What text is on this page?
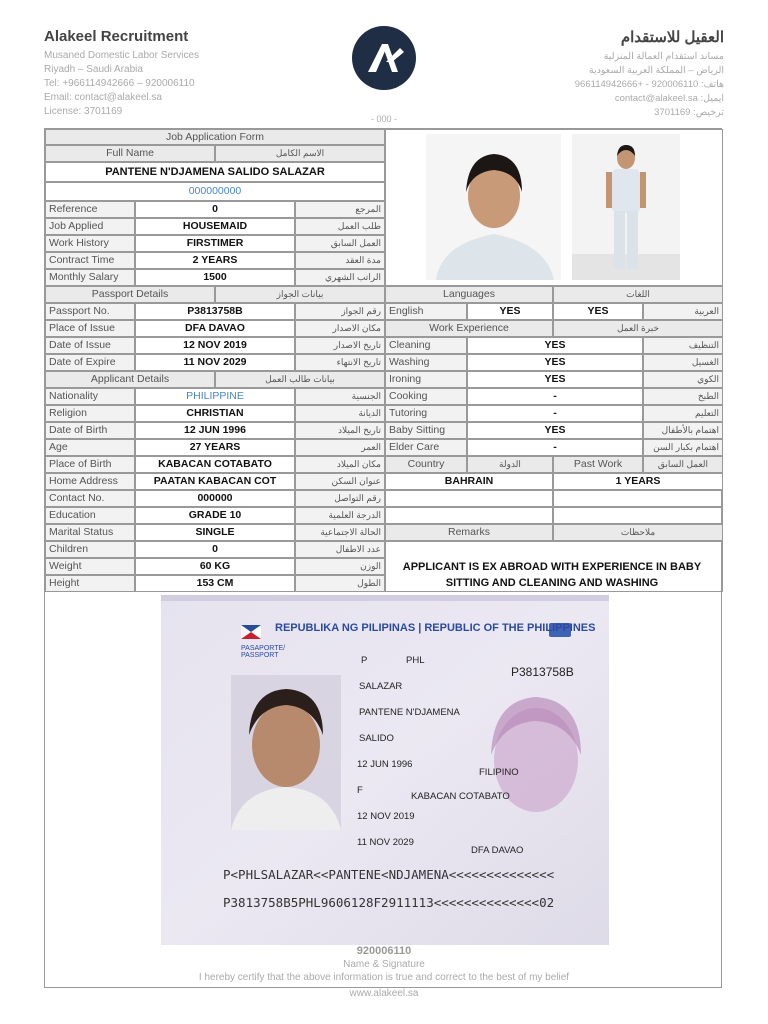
Alakeel Recruitment
Musaned Domestic Labor Services
Riyadh – Saudi Arabia
Tel: +966114942666 – 920006110
Email: contact@alakeel.sa
License: 3701169
العقيل للاستقدام
مساند استقدام العمالة المنزلية
الرياض – المملكة العربية السعودية
هاتف: 920006110 - +966114942666
ايميل: contact@alakeel.sa
ترخيص: 3701169
- 000 -
Job Application Form
Full Name	الاسم الكامل
PANTENE N'DJAMENA SALIDO SALAZAR
000000000
Reference	0	المرجع
Job Applied	HOUSEMAID	طلب العمل
Work History	FIRSTIMER	العمل السابق
Contract Time	2 YEARS	مدة العقد
Monthly Salary	1500	الراتب الشهري
Passport Details	بيانات الجواز
Passport No.	P3813758B	رقم الجواز
Place of Issue	DFA DAVAO	مكان الاصدار
Date of Issue	12 NOV 2019	تاريخ الاصدار
Date of Expire	11 NOV 2029	تاريخ الانتهاء
Applicant Details	بيانات طالب العمل
Nationality	PHILIPPINE	الجنسية
Religion	CHRISTIAN	الديانة
Date of Birth	12 JUN 1996	تاريخ الميلاد
Age	27 YEARS	العمر
Place of Birth	KABACAN COTABATO	مكان الميلاد
Home Address	PAATAN KABACAN COT	عنوان السكن
Contact No.	000000	رقم التواصل
Education	GRADE 10	الدرجة العلمية
Marital Status	SINGLE	الحالة الاجتماعية
Children	0	عدد الاطفال
Weight	60 KG	الوزن
Height	153 CM	الطول
Languages	اللغات
English	YES	YES	العربية
Work Experience	خبرة العمل
Cleaning	YES	التنظيف
Washing	YES	الغسيل
Ironing	YES	الكوي
Cooking	-	الطبخ
Tutoring	-	التعليم
Baby Sitting	YES	اهتمام بالأطفال
Elder Care	-	اهتمام بكبار السن
Country	الدولة	Past Work	العمل السابق
BAHRAIN	1 YEARS
Remarks	ملاحظات
APPLICANT IS EX ABROAD WITH EXPERIENCE IN BABY SITTING AND CLEANING AND WASHING
REPUBLIKA NG PILIPINAS | REPUBLIC OF THE PHILIPPINES
PASAPORTE/ PASSPORT	P	PHL
P3813758B
SALAZAR
PANTENE N'DJAMENA
SALIDO
12 JUN 1996
FILIPINO
F
KABACAN COTABATO
12 NOV 2019
11 NOV 2029
DFA DAVAO
P<PHLSALAZAR<<PANTENE<NDJAMENA<<<<<<<<<<<<<<
P3813758B5PHL9606128F2911113<<<<<<<<<<<<<<02
920006110
Name & Signature
I hereby certify that the above information is true and correct to the best of my belief
www.alakeel.sa
